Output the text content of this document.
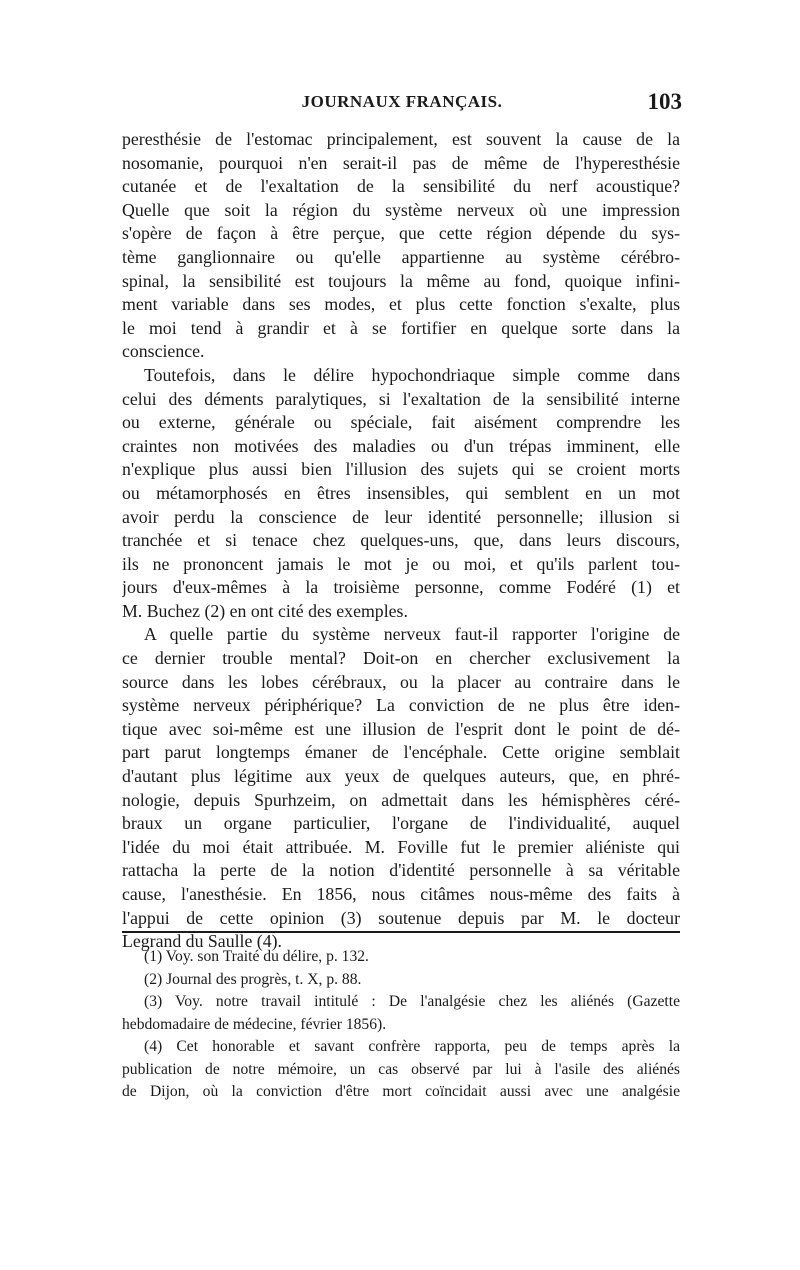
JOURNAUX FRANÇAIS.	103
peresthésie de l'estomac principalement, est souvent la cause de la
nosomanie, pourquoi n'en serait-il pas de même de l'hyperesthésie
cutanée et de l'exaltation de la sensibilité du nerf acoustique?
Quelle que soit la région du système nerveux où une impression
s'opère de façon à être perçue, que cette région dépende du sys-
tème ganglionnaire ou qu'elle appartienne au système cérébro-
spinal, la sensibilité est toujours la même au fond, quoique infini-
ment variable dans ses modes, et plus cette fonction s'exalte, plus
le moi tend à grandir et à se fortifier en quelque sorte dans la
conscience.
Toutefois, dans le délire hypochondriaque simple comme dans
celui des déments paralytiques, si l'exaltation de la sensibilité interne
ou externe, générale ou spéciale, fait aisément comprendre les
craintes non motivées des maladies ou d'un trépas imminent, elle
n'explique plus aussi bien l'illusion des sujets qui se croient morts
ou métamorphosés en êtres insensibles, qui semblent en un mot
avoir perdu la conscience de leur identité personnelle; illusion si
tranchée et si tenace chez quelques-uns, que, dans leurs discours,
ils ne prononcent jamais le mot je ou moi, et qu'ils parlent tou-
jours d'eux-mêmes à la troisième personne, comme Fodéré (1) et
M. Buchez (2) en ont cité des exemples.
A quelle partie du système nerveux faut-il rapporter l'origine de
ce dernier trouble mental? Doit-on en chercher exclusivement la
source dans les lobes cérébraux, ou la placer au contraire dans le
système nerveux périphérique? La conviction de ne plus être iden-
tique avec soi-même est une illusion de l'esprit dont le point de dé-
part parut longtemps émaner de l'encéphale. Cette origine semblait
d'autant plus légitime aux yeux de quelques auteurs, que, en phré-
nologie, depuis Spurhzeim, on admettait dans les hémisphères céré-
braux un organe particulier, l'organe de l'individualité, auquel
l'idée du moi était attribuée. M. Foville fut le premier aliéniste qui
rattacha la perte de la notion d'identité personnelle à sa véritable
cause, l'anesthésie. En 1856, nous citâmes nous-même des faits à
l'appui de cette opinion (3) soutenue depuis par M. le docteur
Legrand du Saulle (4).
(1) Voy. son Traité du délire, p. 132.
(2) Journal des progrès, t. X, p. 88.
(3) Voy. notre travail intitulé : De l'analgésie chez les aliénés (Gazette
hebdomadaire de médecine, février 1856).
(4) Cet honorable et savant confrère rapporta, peu de temps après la
publication de notre mémoire, un cas observé par lui à l'asile des aliénés
de Dijon, où la conviction d'être mort coïncidait aussi avec une analgésie
